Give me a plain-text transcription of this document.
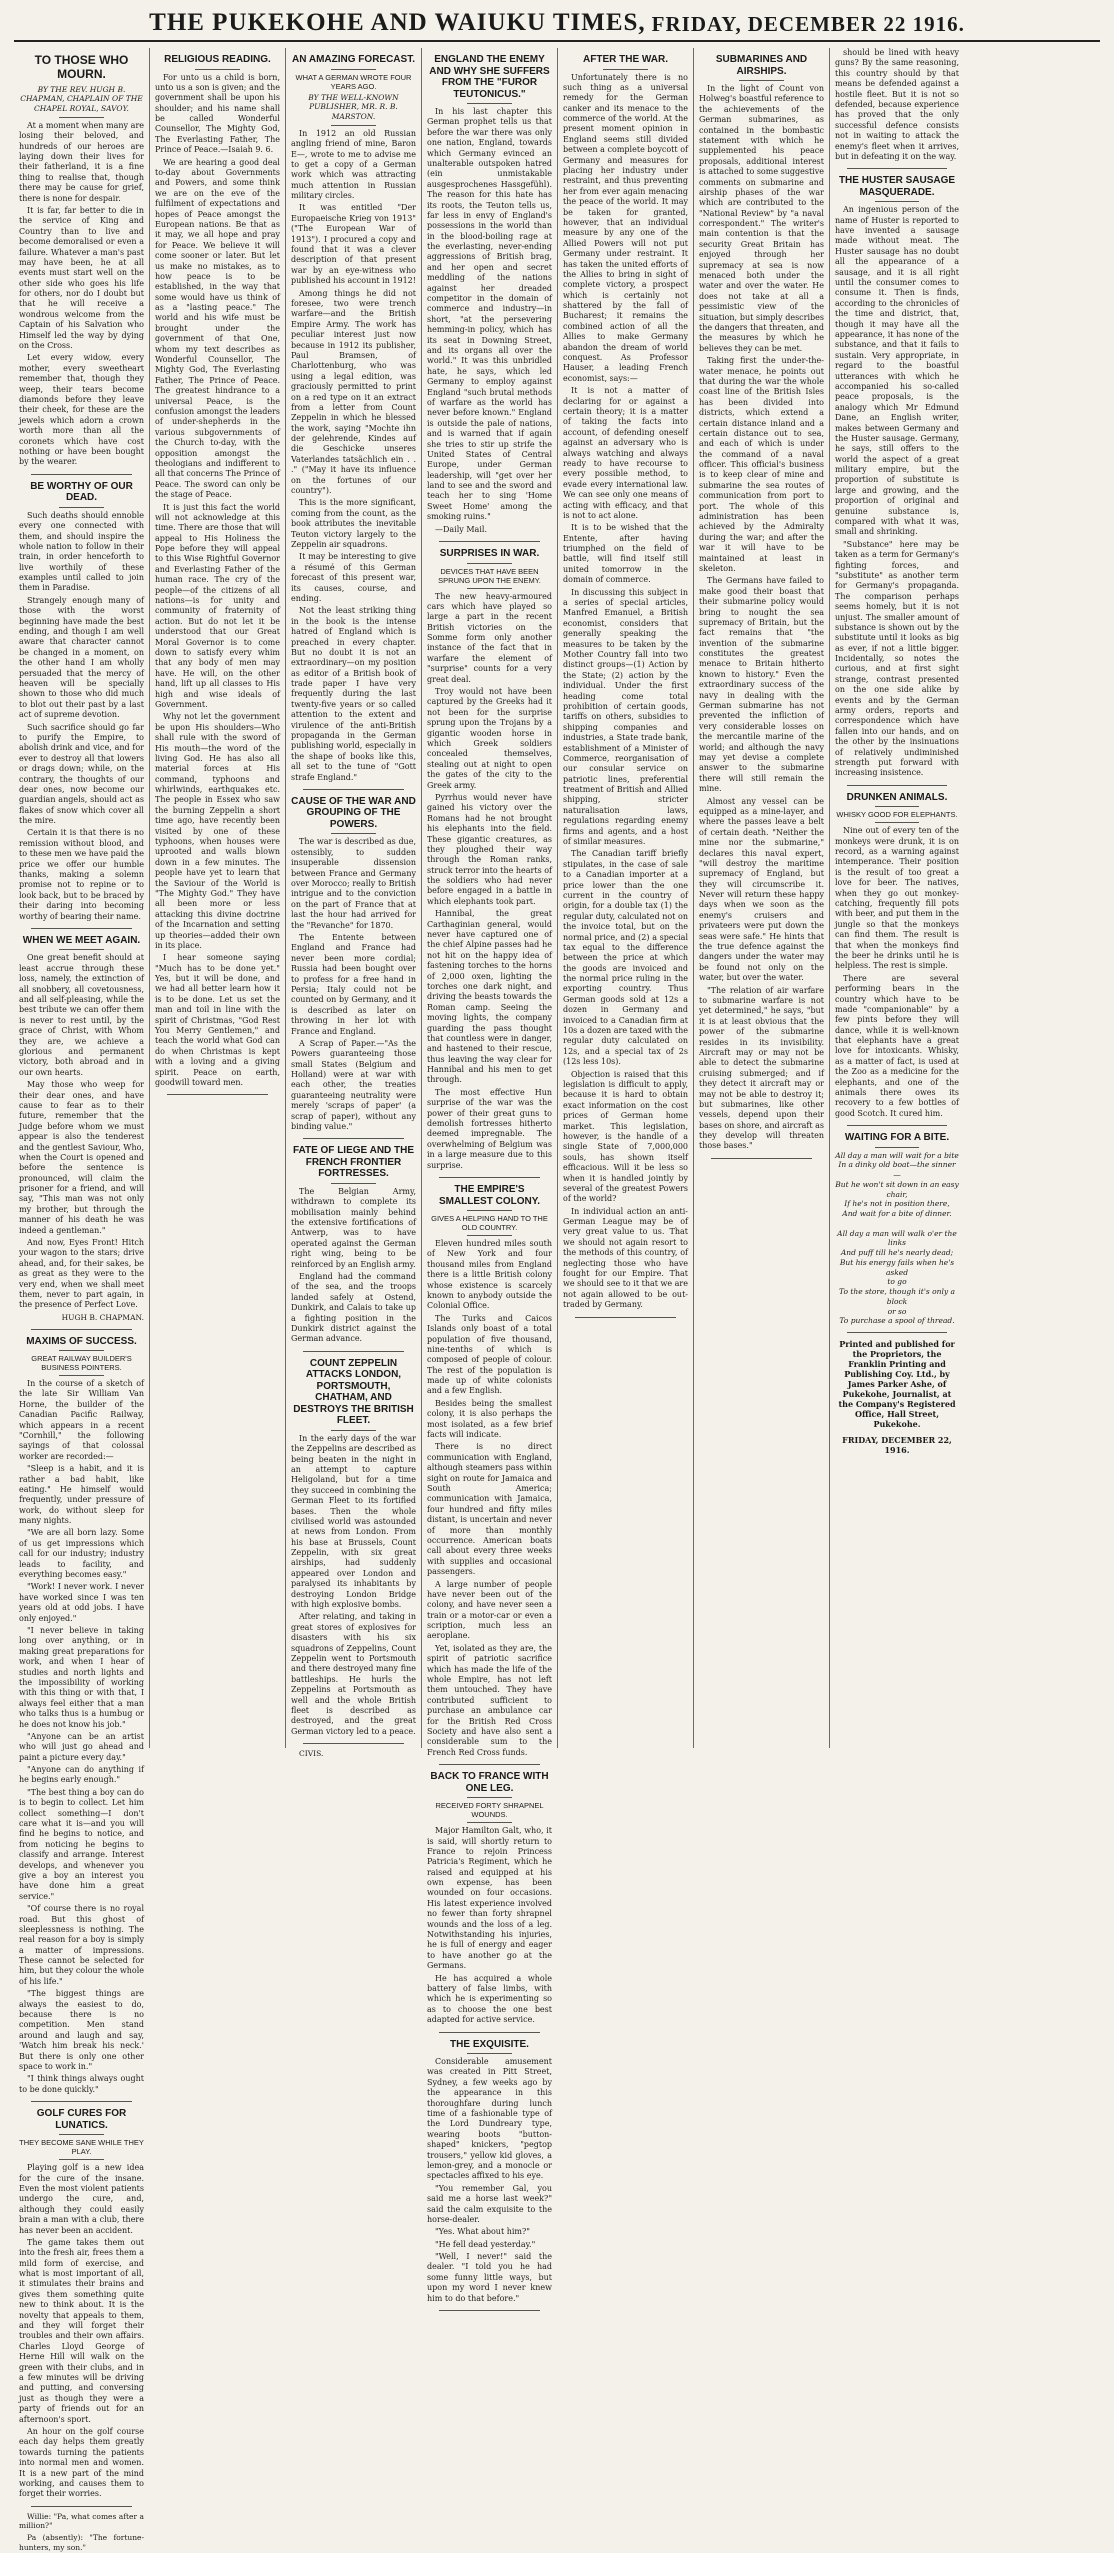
THE PUKEKOHE AND WAIUKU TIMES, FRIDAY, DECEMBER 22 1916.
TO THOSE WHO MOURN.
BY THE REV. HUGH B. CHAPMAN, CHAPLAIN OF THE CHAPEL ROYAL, SAVOY.

At a moment when many are losing their beloved, and hundreds of our heroes are laying down their lives for their fatherland, it is a fine thing to realise that, though there may be cause for grief, there is none for despair.

It is far, far better to die in the service of King and Country than to live and become demoralised or even a failure. Whatever a man's past may have been, he at all events must start well on the other side who goes his life for others, nor do I doubt but that he will receive a wondrous welcome from the Captain of his Salvation who Himself led the way by dying on the Cross.

Let every widow, every mother, every sweetheart remember that, though they weep, their tears become diamonds before they leave their cheek, for these are the jewels which adorn a crown worth more than all the coronets which have cost nothing or have been bought by the wearer.

BE WORTHY OF OUR DEAD.

Such deaths should ennoble every one connected with them, and should inspire the whole nation to follow in their train, in order henceforth to live worthily of these examples until called to join them in Paradise.

Strangely enough many of those with the worst beginning have made the best ending, and though I am well aware that character cannot be changed in a moment, on the other hand I am wholly persuaded that the mercy of heaven will be specially shown to those who did much to blot out their past by a last act of supreme devotion.

Such sacrifice should go far to purify the Empire, to abolish drink and vice, and for ever to destroy all that lowers or drags down; while, on the contrary, the thoughts of our dear ones, now become our guardian angels, should act as flakes of snow which cover all the mire.

Certain it is that there is no remission without blood, and to these men we have paid the price we offer our humble thanks, making a solemn promise not to repine or to look back, but to be braced by their daring into becoming worthy of bearing their name.

WHEN WE MEET AGAIN.

One great benefit should at least accrue through these loss, namely, the extinction of all snobbery, all covetousness, and all self-pleasing, while the best tribute we can offer them is never to rest until, by the grace of Christ, with Whom they are, we achieve a glorious and permanent victory, both abroad and in our own hearts.

May those who weep for their dear ones, and have cause to fear as to their future, remember that the Judge before whom we must appear is also the tenderest and the gentlest Saviour, Who, when the Court is opened and before the sentence is pronounced, will claim the prisoner for a friend, and will say, "This man was not only my brother, but through the manner of his death he was indeed a gentleman."

And now, Eyes Front! Hitch your wagon to the stars; drive ahead, and, for their sakes, be as great as they were to the very end, when we shall meet them, never to part again, in the presence of Perfect Love.

HUGH B. CHAPMAN.
MAXIMS OF SUCCESS.
GREAT RAILWAY BUILDER'S BUSINESS POINTERS.

In the course of a sketch of the late Sir William Van Horne, the builder of the Canadian Pacific Railway, which appears in a recent "Cornhill," the following sayings of that colossal worker are recorded:—

"Sleep is a habit, and it is rather a bad habit, like eating." He himself would frequently, under pressure of work, do without sleep for many nights.

"We are all born lazy. Some of us get impressions which call for our industry; industry leads to facility, and everything becomes easy."

"Work! I never work. I never have worked since I was ten years old at odd jobs. I have only enjoyed."

"I never believe in taking long over anything, or in making great preparations for work, and when I hear of studies and north lights and the impossibility of working with this thing or with that, I always feel either that a man who talks thus is a humbug or he does not know his job."

"Anyone can be an artist who will just go ahead and paint a picture every day."

"Anyone can do anything if he begins early enough."

"The best thing a boy can do is to begin to collect. Let him collect something—I don't care what it is—and you will find he begins to notice, and from noticing he begins to classify and arrange. Interest develops, and whenever you give a boy an interest you have done him a great service."

"Of course there is no royal road. But this ghost of sleeplessness is nothing. The real reason for a boy is simply a matter of impressions. These cannot be selected for him, but they colour the whole of his life."

"The biggest things are always the easiest to do, because there is no competition. Men stand around and laugh and say, 'Watch him break his neck.' But there is only one other space to work in."

"I think things always ought to be done quickly."

GOLF CURES FOR LUNATICS.
THEY BECOME SANE WHILE THEY PLAY.

Playing golf is a new idea for the cure of the insane. Even the most violent patients undergo the cure, and, although they could easily brain a man with a club, there has never been an accident.

The game takes them out into the fresh air, frees them a mild form of exercise, and what is most important of all, it stimulates their brains and gives them something quite new to think about. It is the novelty that appeals to them, and they will forget their troubles and their own affairs. Charles Lloyd George of Herne Hill will walk on the green with their clubs, and in a few minutes will be driving and putting, and conversing just as though they were a party of friends out for an afternoon's sport.

An hour on the golf course each day helps them greatly towards turning the patients into normal men and women. It is a new part of the mind working, and causes them to forget their worries.

Willie: "Pa, what comes after a million?"

Pa (absently): "The fortune-hunters, my son."

RELIGIOUS READING.

For unto us a child is born, unto us a son is given; and the government shall be upon his shoulder; and his name shall be called Wonderful Counsellor, The Mighty God, The Everlasting Father, The Prince of Peace.—Isaiah 9. 6.

We are hearing a good deal to-day about Governments and Powers, and some think we are on the eve of the fulfilment of expectations and hopes of Peace amongst the European nations. Be that as it may, we all hope and pray for Peace. We believe it will come sooner or later. But let us make no mistakes, as to how peace is to be established, in the way that some would have us think of as a "lasting peace." The world and his wife must be brought under the government of that One, whom my text describes as Wonderful Counsellor, The Mighty God, The Everlasting Father, The Prince of Peace. The greatest hindrance to a universal Peace, is the confusion amongst the leaders of under-shepherds in the various subgovernments of the Church to-day, with the opposition amongst the theologians and indifferent to all that concerns The Prince of Peace. The sword can only be the stage of Peace.

It is just this fact the world will not acknowledge at this time. There are those that will appeal to His Holiness the Pope before they will appeal to this Wise Rightful Governor and Everlasting Father of the human race. The cry of the people—of the citizens of all nations—is for unity and community of fraternity of action. But do not let it be understood that our Great Moral Governor is to come down to satisfy every whim that any body of men may have. He will, on the other hand, lift up all classes to His high and wise ideals of Government.

Why not let the government be upon His shoulders—Who shall rule with the sword of His mouth—the word of the living God. He has also all material forces at His command, typhoons and whirlwinds, earthquakes etc. The people in Essex who saw the burning Zeppelin a short time ago, have recently been visited by one of these typhoons, when houses were uprooted and walls blown down in a few minutes. The people have yet to learn that the Saviour of the World is "The Mighty God." They have all been more or less attacking this divine doctrine of the Incarnation and setting up theories—added their own in its place.

I hear someone saying "Much has to be done yet." Yes, but it will be done, and we had all better learn how it is to be done. Let us set the man and toil in line with the spirit of Christmas, "God Rest You Merry Gentlemen," and teach the world what God can do when Christmas is kept with a loving and a giving spirit. Peace on earth, goodwill toward men.

AN AMAZING FORECAST.
WHAT A GERMAN WROTE FOUR YEARS AGO.
BY THE WELL-KNOWN PUBLISHER, MR. R. B. MARSTON.

In 1912 an old Russian angling friend of mine, Baron E—, wrote to me to advise me to get a copy of a German work which was attracting much attention in Russian military circles.

It was entitled "Der Europaeische Krieg von 1913" ("The European War of 1913"). I procured a copy and found that it was a clever description of that present war by an eye-witness who published his account in 1912!

Among things he did not foresee, two were trench warfare—and the British Empire Army. The work has peculiar interest just now because in 1912 its publisher, Paul Bramsen, of Charlottenburg, who was using a legal edition, was graciously permitted to print on a red type on it an extract from a letter from Count Zeppelin in which he blessed the work, saying "Mochte ihn der gelehrende, Kindes auf die Geschicke unseres Vaterlandes tatsächlich ein . . ." ("May it have its influence on the fortunes of our country").

This is the more significant, coming from the count, as the book attributes the inevitable Teuton victory largely to the Zeppelin air squadrons.

It may be interesting to give a résumé of this German forecast of this present war, its causes, course, and ending.

Not the least striking thing in the book is the intense hatred of England which is preached in every chapter. But no doubt it is not an extraordinary—on my position as editor of a British book of trade paper I have very frequently during the last twenty-five years or so called attention to the extent and virulence of the anti-British propaganda in the German publishing world, especially in the shape of books like this, all set to the tune of "Gott strafe England."

CAUSE OF THE WAR AND GROUPING OF THE POWERS.

The war is described as due, ostensibly, to sudden insuperable dissension between France and Germany over Morocco; really to British intrigue and to the conviction on the part of France that at last the hour had arrived for the "Revanche" for 1870.

The Entente between England and France had never been more cordial; Russia had been bought over to profess for a free hand in Persia; Italy could not be counted on by Germany, and it is described as later on throwing in her lot with France and England.

A Scrap of Paper.—"As the Powers guaranteeing those small States (Belgium and Holland) were at war with each other, the treaties guaranteeing neutrality were merely 'scraps of paper' (a scrap of paper), without any binding value."

FATE OF LIEGE AND THE FRENCH FRONTIER FORTRESSES.

The Belgian Army, withdrawn to complete its mobilisation mainly behind the extensive fortifications of Antwerp, was to have operated against the German right wing, being to be reinforced by an English army.

England had the command of the sea, and the troops landed safely at Ostend, Dunkirk, and Calais to take up a fighting position in the Dunkirk district against the German advance.

COUNT ZEPPELIN ATTACKS LONDON, PORTSMOUTH, CHATHAM, AND DESTROYS THE BRITISH FLEET.

In the early days of the war the Zeppelins are described as being beaten in the night in an attempt to capture Heligoland, but for a time they succeed in combining the German Fleet to its fortified bases. Then the whole civilised world was astounded at news from London. From his base at Brussels, Count Zeppelin, with six great airships, had suddenly appeared over London and paralysed its inhabitants by destroying London Bridge with high explosive bombs.

After relating, and taking in great stores of explosives for disasters with his six squadrons of Zeppelins, Count Zeppelin went to Portsmouth and there destroyed many fine battleships. He hurls the Zeppelins at Portsmouth as well and the whole British fleet is described as destroyed, and the great German victory led to a peace.

CIVIS.

ENGLAND THE ENEMY AND WHY SHE SUFFERS FROM THE "FUROR TEUTONICUS."

In his last chapter this German prophet tells us that before the war there was only one nation, England, towards which Germany evinced an unalterable outspoken hatred (ein unmistakable ausgesprochenes Hassgefühl). The reason for this hate has its roots, the Teuton tells us, far less in envy of England's possessions in the world than in the blood-boiling rage at the everlasting, never-ending aggressions of British brag, and her open and secret meddling of the nations against her dreaded competitor in the domain of commerce and industry—in short, "at the persevering hemming-in policy, which has its seat in Downing Street, and its organs all over the world." It was this unbridled hate, he says, which led Germany to employ against England "such brutal methods of warfare as the world has never before known." England is outside the pale of nations, and is warned that if again she tries to stir up strife the United States of Central Europe, under German leadership, will "get over her land to see and the sword and teach her to sing 'Home Sweet Home' among the smoking ruins."

—Daily Mail.

SURPRISES IN WAR.
DEVICES THAT HAVE BEEN SPRUNG UPON THE ENEMY.

The new heavy-armoured cars which have played so large a part in the recent British victories on the Somme form only another instance of the fact that in warfare the element of "surprise" counts for a very great deal.

Troy would not have been captured by the Greeks had it not been for the surprise sprung upon the Trojans by a gigantic wooden horse in which Greek soldiers concealed themselves, stealing out at night to open the gates of the city to the Greek army.

Pyrrhus would never have gained his victory over the Romans had he not brought his elephants into the field. These gigantic creatures, as they ploughed their way through the Roman ranks, struck terror into the hearts of the soldiers who had never before engaged in a battle in which elephants took part.

Hannibal, the great Carthaginian general, would never have captured one of the chief Alpine passes had he not hit on the happy idea of fastening torches to the horns of 2,000 oxen, lighting the torches one dark night, and driving the beasts towards the Roman camp. Seeing the moving lights, the company guarding the pass thought that countless were in danger, and hastened to their rescue, thus leaving the way clear for Hannibal and his men to get through.

The most effective Hun surprise of the war was the power of their great guns to demolish fortresses hitherto deemed impregnable. The overwhelming of Belgium was in a large measure due to this surprise.

THE EMPIRE'S SMALLEST COLONY.
GIVES A HELPING HAND TO THE OLD COUNTRY.

Eleven hundred miles south of New York and four thousand miles from England there is a little British colony whose existence is scarcely known to anybody outside the Colonial Office.

The Turks and Caicos Islands only boast of a total population of five thousand, nine-tenths of which is composed of people of colour. The rest of the population is made up of white colonists and a few English.

Besides being the smallest colony, it is also perhaps the most isolated, as a few brief facts will indicate.

There is no direct communication with England, although steamers pass within sight on route for Jamaica and South America; communication with Jamaica, four hundred and fifty miles distant, is uncertain and never of more than monthly occurrence. American boats call about every three weeks with supplies and occasional passengers.

A large number of people have never been out of the colony, and have never seen a train or a motor-car or even a scription, much less an aeroplane.

Yet, isolated as they are, the spirit of patriotic sacrifice which has made the life of the whole Empire, has not left them untouched. They have contributed sufficient to purchase an ambulance car for the British Red Cross Society and have also sent a considerable sum to the French Red Cross funds.

BACK TO FRANCE WITH ONE LEG.
RECEIVED FORTY SHRAPNEL WOUNDS.

Major Hamilton Galt, who, it is said, will shortly return to France to rejoin Princess Patricia's Regiment, which he raised and equipped at his own expense, has been wounded on four occasions. His latest experience involved no fewer than forty shrapnel wounds and the loss of a leg. Notwithstanding his injuries, he is full of energy and eager to have another go at the Germans.

He has acquired a whole battery of false limbs, with which he is experimenting so as to choose the one best adapted for active service.

THE EXQUISITE.

Considerable amusement was created in Pitt Street, Sydney, a few weeks ago by the appearance in this thoroughfare during lunch time of a fashionable type of the Lord Dundreary type, wearing boots "button-shaped" knickers, "pegtop trousers," yellow kid gloves, a lemon-grey, and a monocle or spectacles affixed to his eye.

"You remember Gal, you said me a horse last week?" said the calm exquisite to the horse-dealer.

"Yes. What about him?"

"He fell dead yesterday."

"Well, I never!" said the dealer. "I told you he had some funny little ways, but upon my word I never knew him to do that before."

AFTER THE WAR.

Unfortunately there is no such thing as a universal remedy for the German canker and its menace to the commerce of the world. At the present moment opinion in England seems still divided between a complete boycott of Germany and measures for placing her industry under restraint, and thus preventing her from ever again menacing the peace of the world. It may be taken for granted, however, that an individual measure by any one of the Allied Powers will not put Germany under restraint. It has taken the united efforts of the Allies to bring in sight of complete victory, a prospect which is certainly not shattered by the fall of Bucharest; it remains the combined action of all the Allies to make Germany abandon the dream of world conquest. As Professor Hauser, a leading French economist, says:—

It is not a matter of declaring for or against a certain theory; it is a matter of taking the facts into account, of defending oneself against an adversary who is always watching and always ready to have recourse to every possible method, to evade every international law. We can see only one means of acting with efficacy, and that is not to act alone.

It is to be wished that the Entente, after having triumphed on the field of battle, will find itself still united tomorrow in the domain of commerce.

In discussing this subject in a series of special articles, Manfred Emanuel, a British economist, considers that generally speaking the measures to be taken by the Mother Country fall into two distinct groups—(1) Action by the State; (2) action by the individual. Under the first heading come total prohibition of certain goods, tariffs on others, subsidies to shipping companies and industries, a State trade bank, establishment of a Minister of Commerce, reorganisation of our consular service on patriotic lines, preferential treatment of British and Allied shipping, stricter naturalisation laws, regulations regarding enemy firms and agents, and a host of similar measures.

The Canadian tariff briefly stipulates, in the case of sale to a Canadian importer at a price lower than the one current in the country of origin, for a double tax (1) the regular duty, calculated not on the invoice total, but on the normal price, and (2) a special tax equal to the difference between the price at which the goods are invoiced and the normal price ruling in the exporting country. Thus German goods sold at 12s a dozen in Germany and invoiced to a Canadian firm at 10s a dozen are taxed with the regular duty calculated on 12s, and a special tax of 2s (12s less 10s).

Objection is raised that this legislation is difficult to apply, because it is hard to obtain exact information on the cost prices of German home market. This legislation, however, is the handle of a single State of 7,000,000 souls, has shown itself efficacious. Will it be less so when it is handled jointly by several of the greatest Powers of the world?

In individual action an anti-German League may be of very great value to us. That we should not again resort to the methods of this country, of neglecting those who have fought for our Empire. That we should see to it that we are not again allowed to be out-traded by Germany.

SUBMARINES AND AIRSHIPS.

In the light of Count von Holweg's boastful reference to the achievements of the German submarines, as contained in the bombastic statement with which he supplemented his peace proposals, additional interest is attached to some suggestive comments on submarine and airship phases of the war which are contributed to the "National Review" by "a naval correspondent." The writer's main contention is that the security Great Britain has enjoyed through her supremacy at sea is now menaced both under the water and over the water. He does not take at all a pessimistic view of the situation, but simply describes the dangers that threaten, and the measures by which he believes they can be met.

Taking first the under-the-water menace, he points out that during the war the whole coast line of the British Isles has been divided into districts, which extend a certain distance inland and a certain distance out to sea, and each of which is under the command of a naval officer. This official's business is to keep clear of mine and submarine the sea routes of communication from port to port. The whole of this administration has been achieved by the Admiralty during the war; and after the war it will have to be maintained at least in skeleton.

The Germans have failed to make good their boast that their submarine policy would bring to nought the sea supremacy of Britain, but the fact remains that "the invention of the submarine constitutes the greatest menace to Britain hitherto known to history." Even the extraordinary success of the navy in dealing with the German submarine has not prevented the infliction of very considerable losses on the mercantile marine of the world; and although the navy may yet devise a complete answer to the submarine there will still remain the mine.

Almost any vessel can be equipped as a mine-layer, and where the passes leave a belt of certain death. "Neither the mine nor the submarine," declares this naval expert, "will destroy the maritime supremacy of England, but they will circumscribe it. Never will return these happy days when we soon as the enemy's cruisers and privateers were put down the seas were safe." He hints that the true defence against the dangers under the water may be found not only on the water, but over the water.

"The relation of air warfare to submarine warfare is not yet determined," he says, "but it is at least obvious that the power of the submarine resides in its invisibility. Aircraft may or may not be able to detect the submarine cruising submerged; and if they detect it aircraft may or may not be able to destroy it; but submarines, like other vessels, depend upon their bases on shore, and aircraft as they develop will threaten those bases."

should be lined with heavy guns? By the same reasoning, this country should by that means be defended against a hostile fleet. But it is not so defended, because experience has proved that the only successful defence consists not in waiting to attack the enemy's fleet when it arrives, but in defeating it on the way.

THE HUSTER SAUSAGE MASQUERADE.

An ingenious person of the name of Huster is reported to have invented a sausage made without meat. The Huster sausage has no doubt all the appearance of a sausage, and it is all right until the consumer comes to consume it. Then is finds, according to the chronicles of the time and district, that, though it may have all the appearance, it has none of the substance, and that it fails to sustain. Very appropriate, in regard to the boastful utterances with which he accompanied his so-called peace proposals, is the analogy which Mr Edmund Dane, an English writer, makes between Germany and the Huster sausage. Germany, he says, still offers to the world the aspect of a great military empire, but the proportion of substitute is large and growing, and the proportion of original and genuine substance is, compared with what it was, small and shrinking.

"Substance" here may be taken as a term for Germany's fighting forces, and "substitute" as another term for Germany's propaganda. The comparison perhaps seems homely, but it is not unjust. The smaller amount of substance is shown out by the substitute until it looks as big as ever, if not a little bigger. Incidentally, so notes the curious, and at first sight strange, contrast presented on the one side alike by events and by the German army orders, reports and correspondence which have fallen into our hands, and on the other by the insinuations of relatively undiminished strength put forward with increasing insistence.

DRUNKEN ANIMALS.
WHISKY GOOD FOR ELEPHANTS.

Nine out of every ten of the monkeys were drunk, it is on record, as a warning against intemperance. Their position is the result of too great a love for beer. The natives, when they go out monkey-catching, frequently fill pots with beer, and put them in the jungle so that the monkeys can find them. The result is that when the monkeys find the beer he drinks until he is helpless. The rest is simple.

There are several performing bears in the country which have to be made "companionable" by a few pints before they will dance, while it is well-known that elephants have a great love for intoxicants. Whisky, as a matter of fact, is used at the Zoo as a medicine for the elephants, and one of the animals there owes its recovery to a few bottles of good Scotch. It cured him.

WAITING FOR A BITE.
All day a man will wait for a bite
In a dinky old boat—the sinner—
But he won't sit down in an easy chair,
If he's not in position there,
And wait for a bite of dinner.

All day a man will walk o'er the links
And puff till he's nearly dead;
But his energy fails when he's asked
to go
To the store, though it's only a block
or so
To purchase a spool of thread.
Printed and published for the Proprietors, the Franklin Printing and Publishing Coy. Ltd., by James Parker Ashe, of Pukekohe, Journalist, at the Company's Registered Office, Hall Street, Pukekohe.
FRIDAY, DECEMBER 22, 1916.
